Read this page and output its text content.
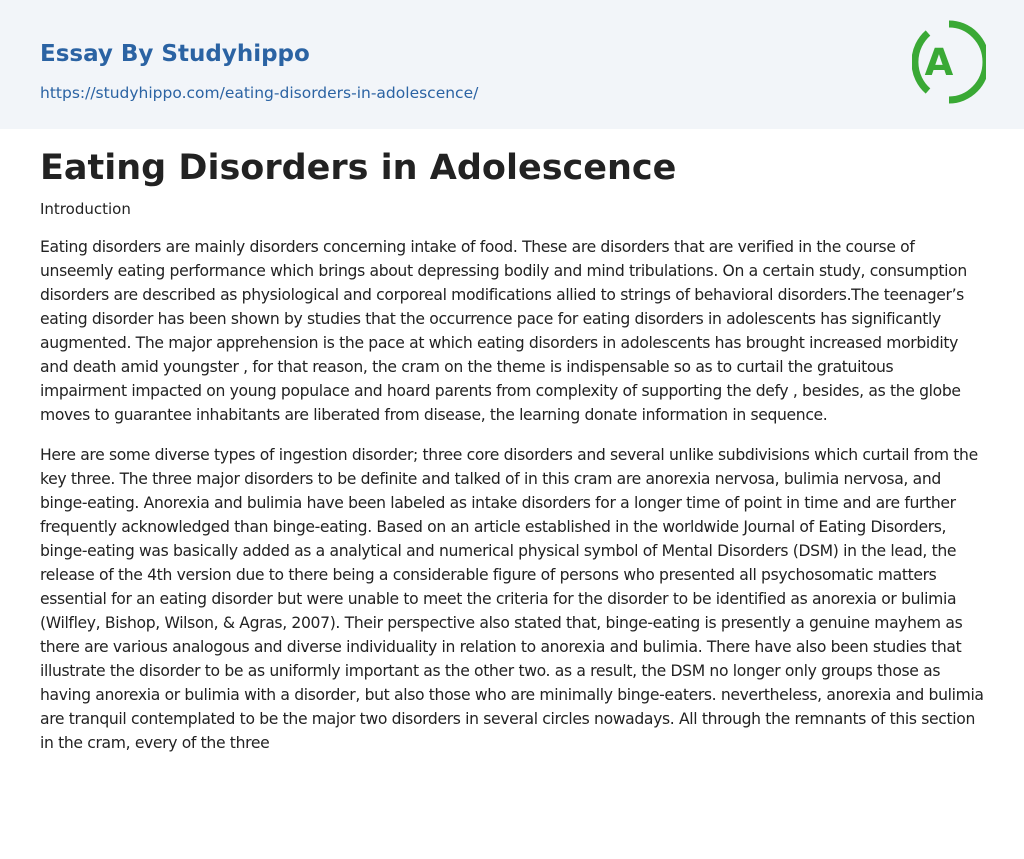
Essay By Studyhippo
https://studyhippo.com/eating-disorders-in-adolescence/
A
Eating Disorders in Adolescence
Introduction

Eating disorders are mainly disorders concerning intake of food. These are disorders that are verified in the course of unseemly eating performance which brings about depressing bodily and mind tribulations. On a certain study, consumption disorders are described as physiological and corporeal modifications allied to strings of behavioral disorders.The teenager’s eating disorder has been shown by studies that the occurrence pace for eating disorders in adolescents has significantly augmented. The major apprehension is the pace at which eating disorders in adolescents has brought increased morbidity and death amid youngster , for that reason, the cram on the theme is indispensable so as to curtail the gratuitous impairment impacted on young populace and hoard parents from complexity of supporting the defy , besides, as the globe moves to guarantee inhabitants are liberated from disease, the learning donate information in sequence.

Here are some diverse types of ingestion disorder; three core disorders and several unlike subdivisions which curtail from the key three. The three major disorders to be definite and talked of in this cram are anorexia nervosa, bulimia nervosa, and binge-eating. Anorexia and bulimia have been labeled as intake disorders for a longer time of point in time and are further frequently acknowledged than binge-eating. Based on an article established in the worldwide Journal of Eating Disorders, binge-eating was basically added as a analytical and numerical physical symbol of Mental Disorders (DSM) in the lead, the release of the 4th version due to there being a considerable figure of persons who presented all psychosomatic matters essential for an eating disorder but were unable to meet the criteria for the disorder to be identified as anorexia or bulimia (Wilfley, Bishop, Wilson, & Agras, 2007). Their perspective also stated that, binge-eating is presently a genuine mayhem as there are various analogous and diverse individuality in relation to anorexia and bulimia. There have also been studies that illustrate the disorder to be as uniformly important as the other two. as a result, the DSM no longer only groups those as having anorexia or bulimia with a disorder, but also those who are minimally binge-eaters. nevertheless, anorexia and bulimia are tranquil contemplated to be the major two disorders in several circles nowadays. All through the remnants of this section in the cram, every of the three
